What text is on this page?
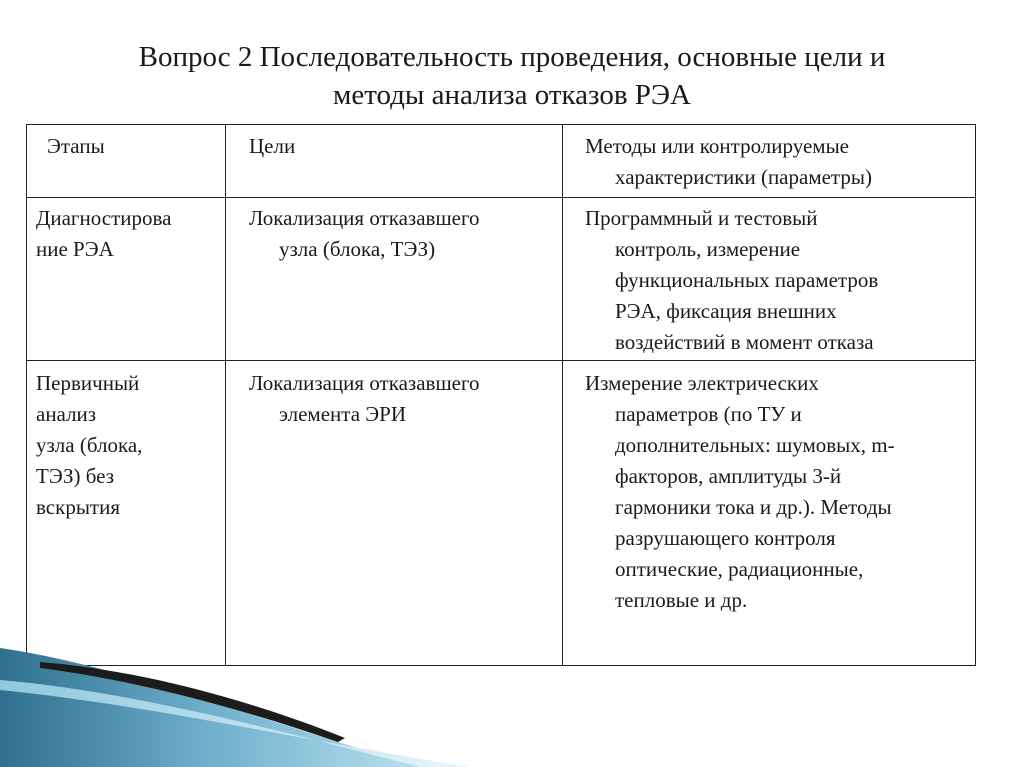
Вопрос 2 Последовательность проведения, основные цели и
методы анализа отказов РЭА
Этапы	Цели	Методы или контролируемые
характеристики (параметры)
Диагностирова
ние РЭА
Локализация отказавшего
узла (блока, ТЭЗ)
Программный и тестовый
контроль, измерение
функциональных параметров
РЭА, фиксация внешних
воздействий в момент отказа
Первичный
анализ
узла (блока,
ТЭЗ) без
вскрытия
Локализация отказавшего
элемента ЭРИ
Измерение электрических
параметров (по ТУ и
дополнительных: шумовых, m-
факторов, амплитуды 3-й
гармоники тока и др.). Методы
разрушающего контроля
оптические, радиационные,
тепловые и др.
